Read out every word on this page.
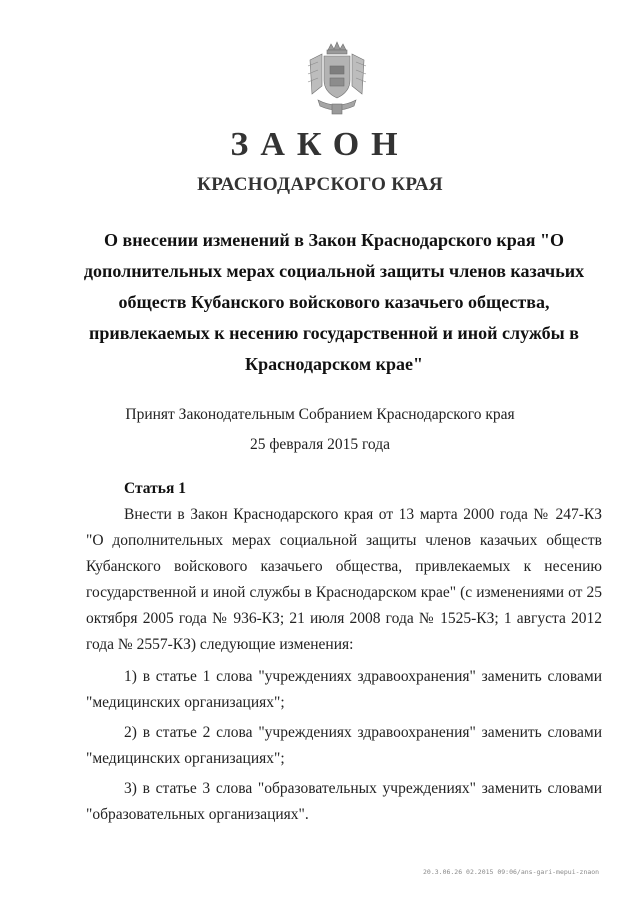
ЗАКОН
КРАСНОДАРСКОГО КРАЯ
О внесении изменений в Закон Краснодарского края "О дополнительных мерах социальной защиты членов казачьих обществ Кубанского войскового казачьего общества, привлекаемых к несению государственной и иной службы в Краснодарском крае"
Принят Законодательным Собранием Краснодарского края
25 февраля 2015 года
Статья 1

Внести в Закон Краснодарского края от 13 марта 2000 года № 247-КЗ "О дополнительных мерах социальной защиты членов казачьих обществ Кубанского войскового казачьего общества, привлекаемых к несению государственной и иной службы в Краснодарском крае" (с изменениями от 25 октября 2005 года № 936-КЗ; 21 июля 2008 года № 1525-КЗ; 1 августа 2012 года № 2557-КЗ) следующие изменения:

1) в статье 1 слова "учреждениях здравоохранения" заменить словами "медицинских организациях";

2) в статье 2 слова "учреждениях здравоохранения" заменить словами "медицинских организациях";

3) в статье 3 слова "образовательных учреждениях" заменить словами "образовательных организациях".

20.3.06.26 02.2015 09:06/ans-gari-mepui-znaon
